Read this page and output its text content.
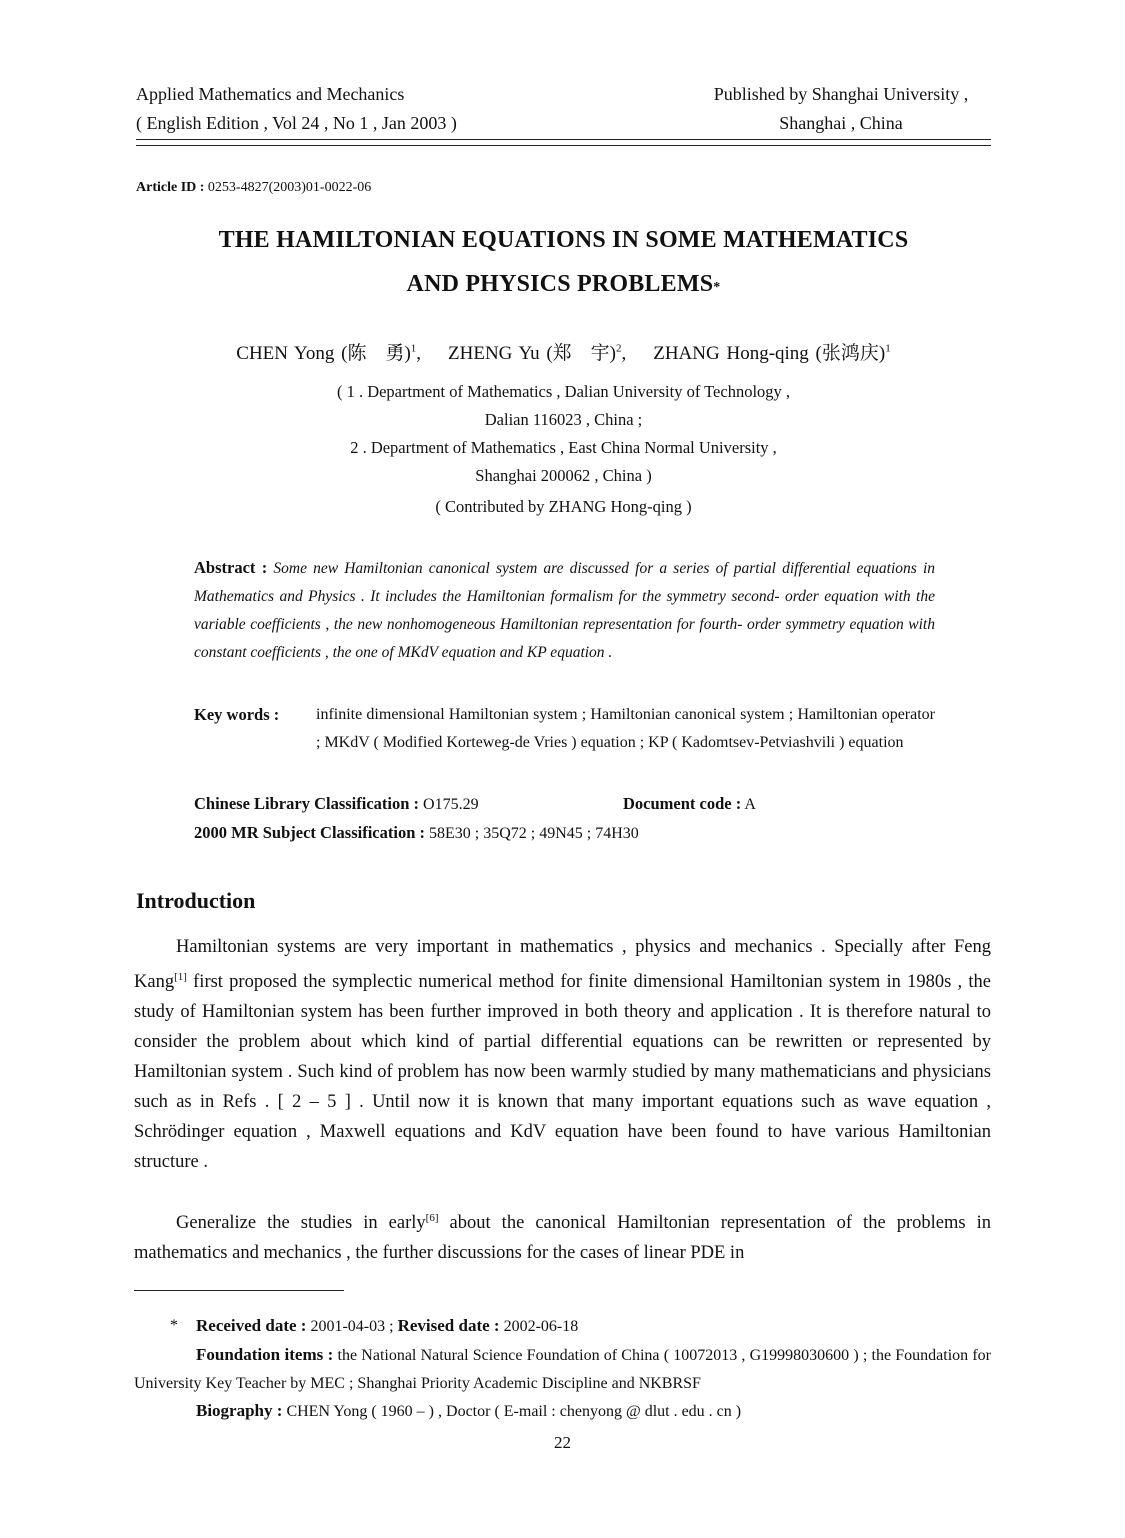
Applied Mathematics and Mechanics
( English Edition , Vol 24 , No 1 , Jan 2003 )
Published by Shanghai University ,
Shanghai , China
Article ID : 0253-4827(2003)01-0022-06
THE HAMILTONIAN EQUATIONS IN SOME MATHEMATICS
AND PHYSICS PROBLEMS*
CHEN Yong (陈　勇)$^1$,    ZHENG Yu (郑　宇)$^2$,    ZHANG Hong-qing (张鸿庆)$^1$
( 1 . Department of Mathematics , Dalian University of Technology ,
Dalian 116023 , China ;
2 . Department of Mathematics , East China Normal University ,
Shanghai 200062 , China )
( Contributed by ZHANG Hong-qing )
Abstract : Some new Hamiltonian canonical system are discussed for a series of partial differential equations in Mathematics and Physics . It includes the Hamiltonian formalism for the symmetry second- order equation with the variable coefficients , the new nonhomogeneous Hamiltonian representation for fourth- order symmetry equation with constant coefficients , the one of MKdV equation and KP equation .
Key words :	infinite dimensional Hamiltonian system ; Hamiltonian canonical system ; Hamiltonian operator ; MKdV ( Modified Korteweg-de Vries ) equation ; KP ( Kadomtsev-Petviashvili ) equation
Chinese Library Classification : O175.29	Document code : A
2000 MR Subject Classification : 58E30 ; 35Q72 ; 49N45 ; 74H30
Introduction

Hamiltonian systems are very important in mathematics , physics and mechanics . Specially after Feng Kang[1] first proposed the symplectic numerical method for finite dimensional Hamiltonian system in 1980s , the study of Hamiltonian system has been further improved in both theory and application . It is therefore natural to consider the problem about which kind of partial differential equations can be rewritten or represented by Hamiltonian system . Such kind of problem has now been warmly studied by many mathematicians and physicians such as in Refs . [ 2 – 5 ] . Until now it is known that many important equations such as wave equation , Schrödinger equation , Maxwell equations and KdV equation have been found to have various Hamiltonian structure .

Generalize the studies in early[6] about the canonical Hamiltonian representation of the problems in mathematics and mechanics , the further discussions for the cases of linear PDE in

* Received date : 2001-04-03 ; Revised date : 2002-06-18
Foundation items : the National Natural Science Foundation of China ( 10072013 , G19998030600 ) ; the Foundation for University Key Teacher by MEC ; Shanghai Priority Academic Discipline and NKBRSF
Biography : CHEN Yong ( 1960 – ) , Doctor ( E-mail : chenyong @ dlut . edu . cn )
22
